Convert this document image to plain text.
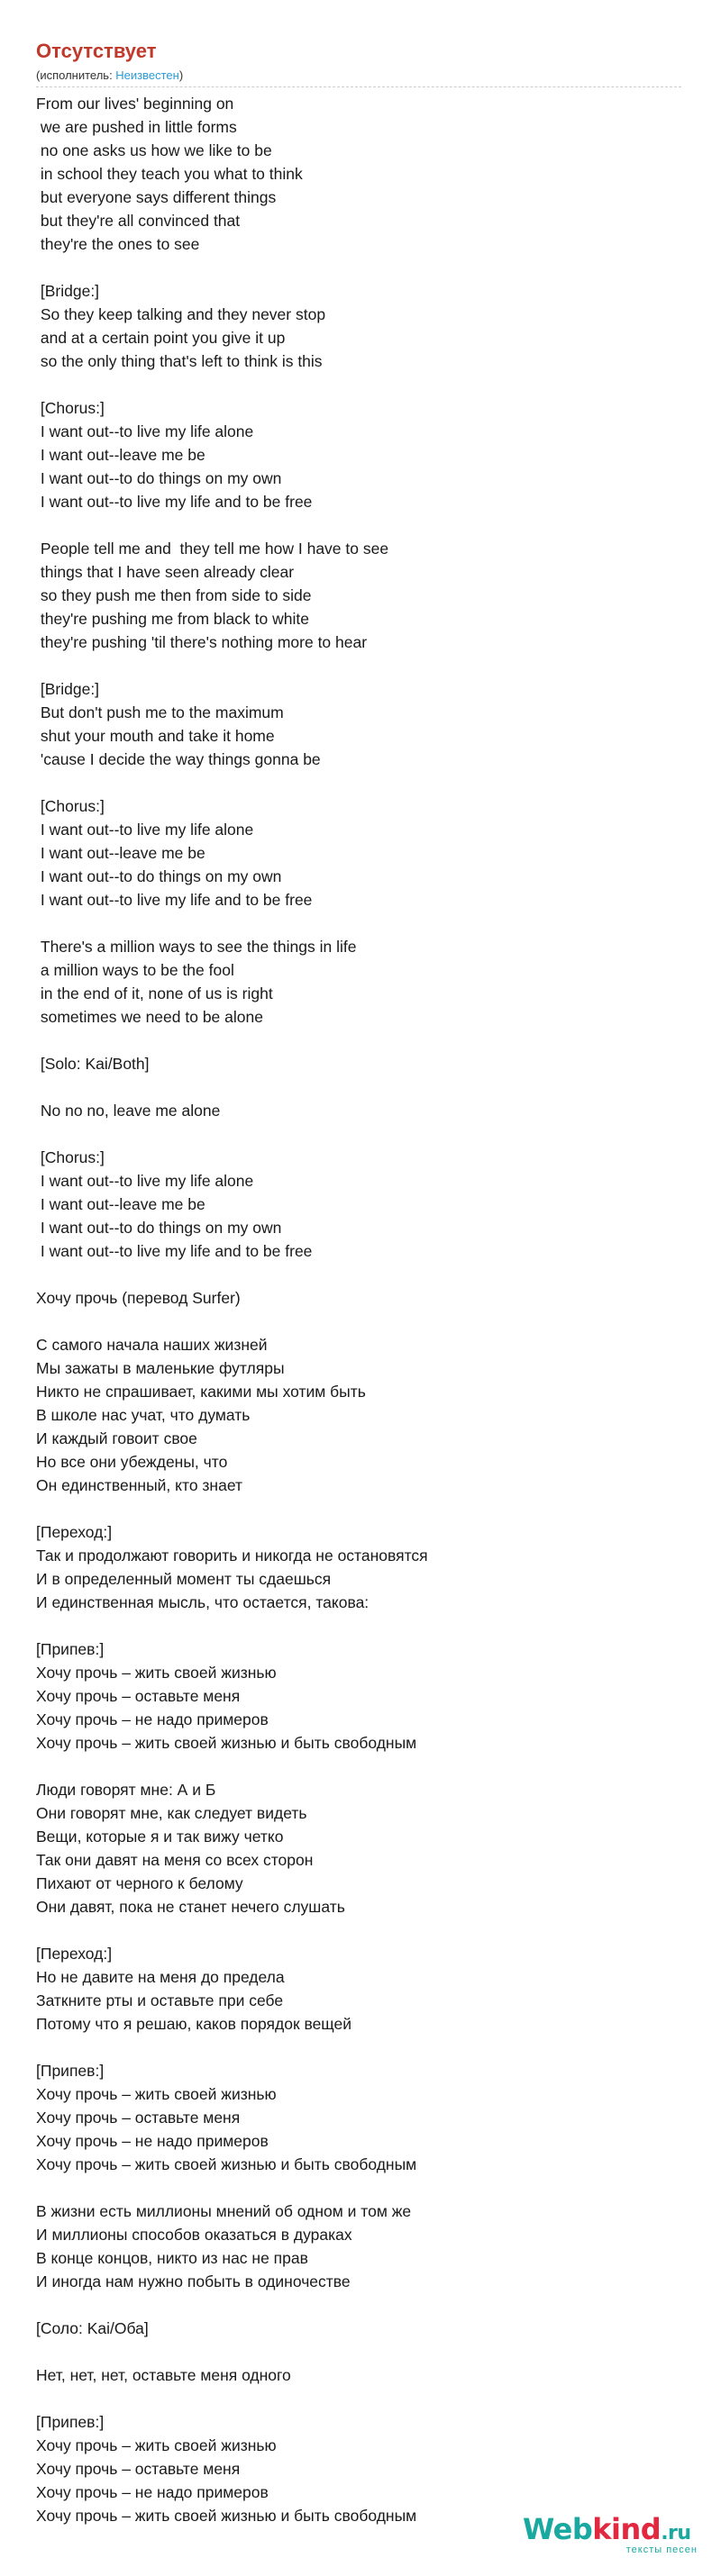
Отсутствует
(исполнитель: Неизвестен)
From our lives' beginning on
we are pushed in little forms
no one asks us how we like to be
in school they teach you what to think
but everyone says different things
but they're all convinced that
they're the ones to see

[Bridge:]
So they keep talking and they never stop
and at a certain point you give it up
so the only thing that's left to think is this

[Chorus:]
I want out--to live my life alone
I want out--leave me be
I want out--to do things on my own
I want out--to live my life and to be free

People tell me and  they tell me how I have to see
things that I have seen already clear
so they push me then from side to side
they're pushing me from black to white
they're pushing 'til there's nothing more to hear

[Bridge:]
But don't push me to the maximum
shut your mouth and take it home
'cause I decide the way things gonna be

[Chorus:]
I want out--to live my life alone
I want out--leave me be
I want out--to do things on my own
I want out--to live my life and to be free

There's a million ways to see the things in life
a million ways to be the fool
in the end of it, none of us is right
sometimes we need to be alone

[Solo: Kai/Both]

No no no, leave me alone

[Chorus:]
I want out--to live my life alone
I want out--leave me be
I want out--to do things on my own
I want out--to live my life and to be free

Хочу прочь (перевод Surfer)

С самого начала наших жизней
Мы зажаты в маленькие футляры
Никто не спрашивает, какими мы хотим быть
В школе нас учат, что думать
И каждый говоит свое
Но все они убеждены, что
Он единственный, кто знает

[Переход:]
Так и продолжают говорить и никогда не остановятся
И в определенный момент ты сдаешься
И единственная мысль, что остается, такова:

[Припев:]
Хочу прочь – жить своей жизнью
Хочу прочь – оставьте меня
Хочу прочь – не надо примеров
Хочу прочь – жить своей жизнью и быть свободным

Люди говорят мне: А и Б
Они говорят мне, как следует видеть
Вещи, которые я и так вижу четко
Так они давят на меня со всех сторон
Пихают от черного к белому
Они давят, пока не станет нечего слушать

[Переход:]
Но не давите на меня до предела
Заткните рты и оставьте при себе
Потому что я решаю, каков порядок вещей

[Припев:]
Хочу прочь – жить своей жизнью
Хочу прочь – оставьте меня
Хочу прочь – не надо примеров
Хочу прочь – жить своей жизнью и быть свободным

В жизни есть миллионы мнений об одном и том же
И миллионы способов оказаться в дураках
В конце концов, никто из нас не прав
И иногда нам нужно побыть в одиночестве

[Соло: Kai/Оба]

Нет, нет, нет, оставьте меня одного

[Припев:]
Хочу прочь – жить своей жизнью
Хочу прочь – оставьте меня
Хочу прочь – не надо примеров
Хочу прочь – жить своей жизнью и быть свободным	Webkind.ru
тексты песен
